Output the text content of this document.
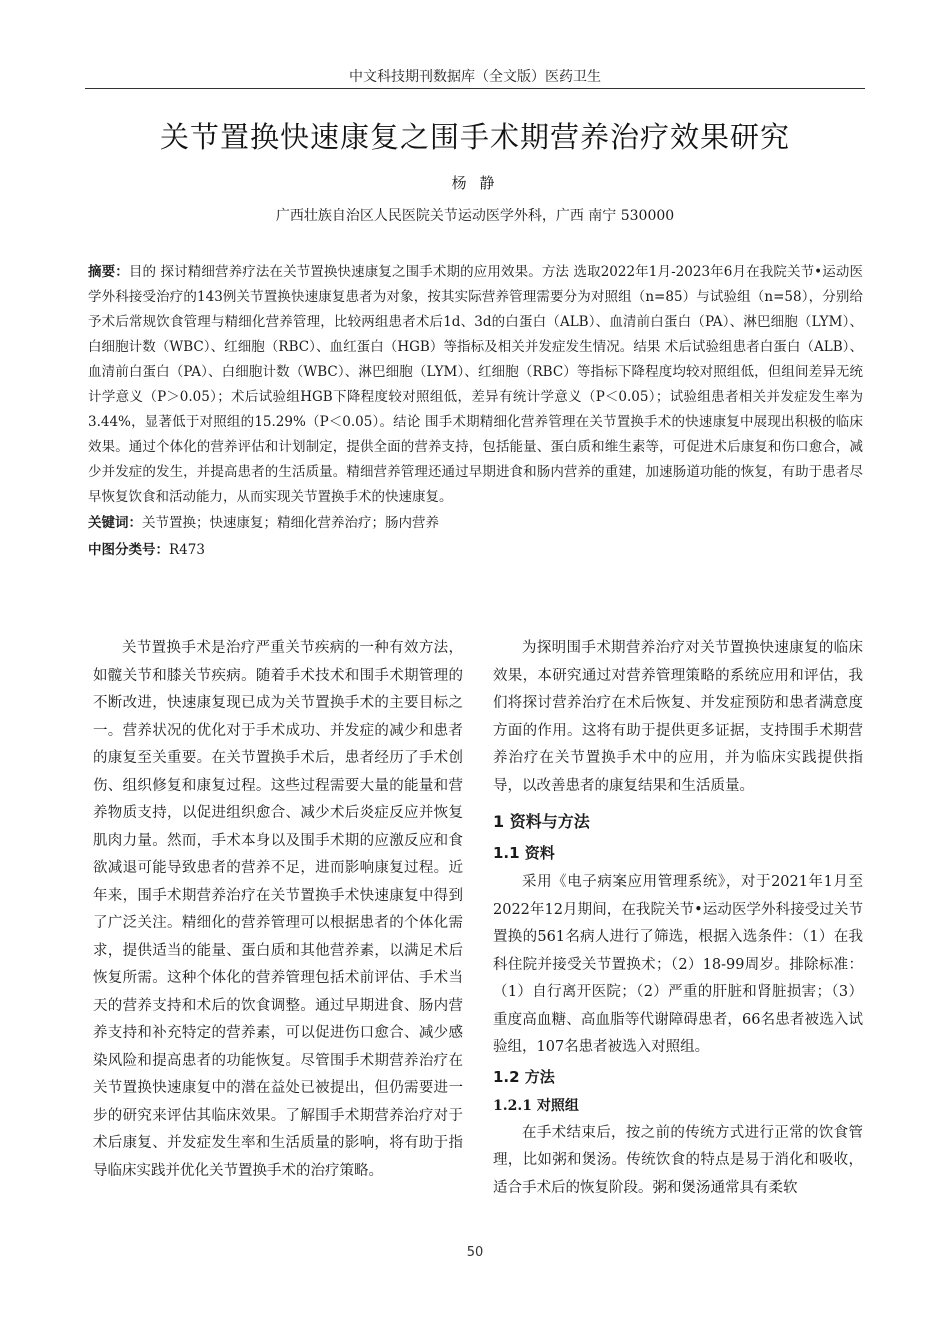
中文科技期刊数据库（全文版）医药卫生
关节置换快速康复之围手术期营养治疗效果研究
杨 静
广西壮族自治区人民医院关节运动医学外科，广西 南宁 530000

摘要：目的 探讨精细营养疗法在关节置换快速康复之围手术期的应用效果。方法 选取2022年1月-2023年6月在我院关节•运动医学外科接受治疗的143例关节置换快速康复患者为对象，按其实际营养管理需要分为对照组（n=85）与试验组（n=58），分别给予术后常规饮食管理与精细化营养管理，比较两组患者术后1d、3d的白蛋白（ALB）、血清前白蛋白（PA）、淋巴细胞（LYM）、白细胞计数（WBC）、红细胞（RBC）、血红蛋白（HGB）等指标及相关并发症发生情况。结果 术后试验组患者白蛋白（ALB）、血清前白蛋白（PA）、白细胞计数（WBC）、淋巴细胞（LYM）、红细胞（RBC）等指标下降程度均较对照组低，但组间差异无统计学意义（P＞0.05）；术后试验组HGB下降程度较对照组低，差异有统计学意义（P＜0.05）；试验组患者相关并发症发生率为3.44%，显著低于对照组的15.29%（P＜0.05）。结论 围手术期精细化营养管理在关节置换手术的快速康复中展现出积极的临床效果。通过个体化的营养评估和计划制定，提供全面的营养支持，包括能量、蛋白质和维生素等，可促进术后康复和伤口愈合，减少并发症的发生，并提高患者的生活质量。精细营养管理还通过早期进食和肠内营养的重建，加速肠道功能的恢复，有助于患者尽早恢复饮食和活动能力，从而实现关节置换手术的快速康复。

关键词：关节置换；快速康复；精细化营养治疗；肠内营养

中图分类号：R473

关节置换手术是治疗严重关节疾病的一种有效方法，如髋关节和膝关节疾病。随着手术技术和围手术期管理的不断改进，快速康复现已成为关节置换手术的主要目标之一。营养状况的优化对于手术成功、并发症的减少和患者的康复至关重要。在关节置换手术后，患者经历了手术创伤、组织修复和康复过程。这些过程需要大量的能量和营养物质支持，以促进组织愈合、减少术后炎症反应并恢复肌肉力量。然而，手术本身以及围手术期的应激反应和食欲减退可能导致患者的营养不足，进而影响康复过程。近年来，围手术期营养治疗在关节置换手术快速康复中得到了广泛关注。精细化的营养管理可以根据患者的个体化需求，提供适当的能量、蛋白质和其他营养素，以满足术后恢复所需。这种个体化的营养管理包括术前评估、手术当天的营养支持和术后的饮食调整。通过早期进食、肠内营养支持和补充特定的营养素，可以促进伤口愈合、减少感染风险和提高患者的功能恢复。尽管围手术期营养治疗在关节置换快速康复中的潜在益处已被提出，但仍需要进一步的研究来评估其临床效果。了解围手术期营养治疗对于术后康复、并发症发生率和生活质量的影响，将有助于指导临床实践并优化关节置换手术的治疗策略。

为探明围手术期营养治疗对关节置换快速康复的临床效果，本研究通过对营养管理策略的系统应用和评估，我们将探讨营养治疗在术后恢复、并发症预防和患者满意度方面的作用。这将有助于提供更多证据，支持围手术期营养治疗在关节置换手术中的应用，并为临床实践提供指导，以改善患者的康复结果和生活质量。

1 资料与方法
1.1 资料

采用《电子病案应用管理系统》，对于2021年1月至2022年12月期间，在我院关节•运动医学外科接受过关节置换的561名病人进行了筛选，根据入选条件：（1）在我科住院并接受关节置换术；（2）18-99周岁。排除标准：（1）自行离开医院；（2）严重的肝脏和肾脏损害；（3）重度高血糖、高血脂等代谢障碍患者，66名患者被选入试验组，107名患者被选入对照组。

1.2 方法
1.2.1 对照组

在手术结束后，按之前的传统方式进行正常的饮食管理，比如粥和煲汤。传统饮食的特点是易于消化和吸收，适合手术后的恢复阶段。粥和煲汤通常具有柔软

50
